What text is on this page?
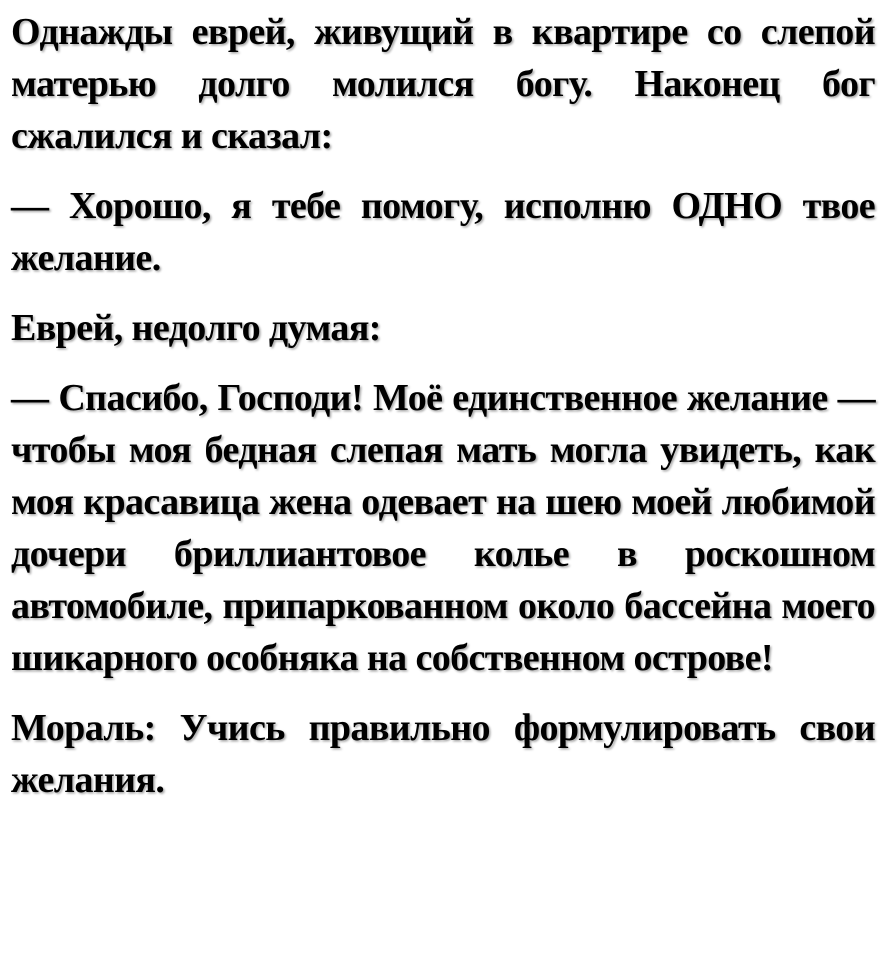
Однажды еврей, живущий в квартире со слепой матерью долго молился богу. Наконец бог сжалился и сказал:

— Хорошо, я тебе помогу, исполню ОДНО твое желание.

Еврей, недолго думая:

— Спасибо, Господи! Моё единственное желание — чтобы моя бедная слепая мать могла увидеть, как моя красавица жена одевает на шею моей любимой дочери бриллиантовое колье в роскошном автомобиле, припаркованном около бассейна моего шикарного особняка на собственном острове!

Мораль: Учись правильно формулировать свои желания.
